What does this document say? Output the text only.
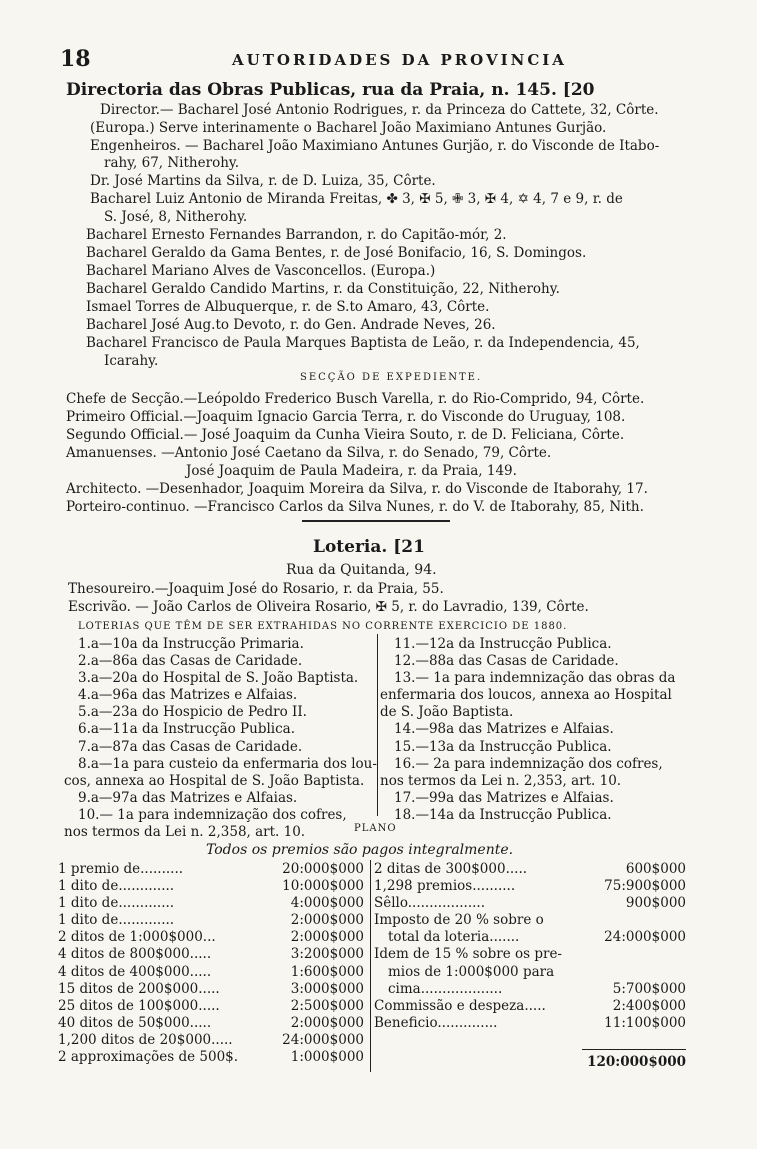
18	AUTORIDADES DA PROVINCIA
Directoria das Obras Publicas, rua da Praia, n. 145. [20
Director.— Bacharel José Antonio Rodrigues, r. da Princeza do Cattete, 32, Côrte.
(Europa.) Serve interinamente o Bacharel João Maximiano Antunes Gurjão.
Engenheiros. — Bacharel João Maximiano Antunes Gurjão, r. do Visconde de Itabo-
rahy, 67, Nitherohy.
Dr. José Martins da Silva, r. de D. Luiza, 35, Côrte.
Bacharel Luiz Antonio de Miranda Freitas, ✤ 3, ✠ 5, ✙ 3, ✠ 4, ✡ 4, 7 e 9, r. de
S. José, 8, Nitherohy.
Bacharel Ernesto Fernandes Barrandon, r. do Capitão-mór, 2.
Bacharel Geraldo da Gama Bentes, r. de José Bonifacio, 16, S. Domingos.
Bacharel Mariano Alves de Vasconcellos. (Europa.)
Bacharel Geraldo Candido Martins, r. da Constituição, 22, Nitherohy.
Ismael Torres de Albuquerque, r. de S.to Amaro, 43, Côrte.
Bacharel José Aug.to Devoto, r. do Gen. Andrade Neves, 26.
Bacharel Francisco de Paula Marques Baptista de Leão, r. da Independencia, 45,
Icarahy.
SECÇÃO DE EXPEDIENTE.
Chefe de Secção.—Leópoldo Frederico Busch Varella, r. do Rio-Comprido, 94, Côrte.
Primeiro Official.—Joaquim Ignacio Garcia Terra, r. do Visconde do Uruguay, 108.
Segundo Official.— José Joaquim da Cunha Vieira Souto, r. de D. Feliciana, Côrte.
Amanuenses. —Antonio José Caetano da Silva, r. do Senado, 79, Côrte.
José Joaquim de Paula Madeira, r. da Praia, 149.
Architecto. —Desenhador, Joaquim Moreira da Silva, r. do Visconde de Itaborahy, 17.
Porteiro-continuo. —Francisco Carlos da Silva Nunes, r. do V. de Itaborahy, 85, Nith.
Loteria. [21
Rua da Quitanda, 94.
Thesoureiro.—Joaquim José do Rosario, r. da Praia, 55.
Escrivão. — João Carlos de Oliveira Rosario, ✠ 5, r. do Lavradio, 139, Côrte.
LOTERIAS QUE TÊM DE SER EXTRAHIDAS NO CORRENTE EXERCICIO DE 1880.
1.a—10a da Instrucção Primaria.
2.a—86a das Casas de Caridade.
3.a—20a do Hospital de S. João Baptista.
4.a—96a das Matrizes e Alfaias.
5.a—23a do Hospicio de Pedro II.
6.a—11a da Instrucção Publica.
7.a—87a das Casas de Caridade.
8.a—1a para custeio da enfermaria dos lou-
cos, annexa ao Hospital de S. João Baptista.
9.a—97a das Matrizes e Alfaias.
10.— 1a para indemnização dos cofres,
nos termos da Lei n. 2,358, art. 10.
11.—12a da Instrucção Publica.
12.—88a das Casas de Caridade.
13.— 1a para indemnização das obras da
enfermaria dos loucos, annexa ao Hospital
de S. João Baptista.
14.—98a das Matrizes e Alfaias.
15.—13a da Instrucção Publica.
16.— 2a para indemnização dos cofres,
nos termos da Lei n. 2,353, art. 10.
17.—99a das Matrizes e Alfaias.
18.—14a da Instrucção Publica.
PLANO
Todos os premios são pagos integralmente.
1 premio de..........	20:000$000
1 dito de.............	10:000$000
1 dito de.............	4:000$000
1 dito de.............	2:000$000
2 ditos de 1:000$000...	2:000$000
4 ditos de 800$000.....	3:200$000
4 ditos de 400$000.....	1:600$000
15 ditos de 200$000.....	3:000$000
25 ditos de 100$000.....	2:500$000
40 ditos de 50$000.....	2:000$000
1,200 ditos de 20$000.....	24:000$000
2 approximações de 500$.	1:000$000
2 ditas de 300$000.....	600$000
1,298 premios..........	75:900$000
Sêllo..................	900$000
Imposto de 20 % sobre o
total da loteria.......	24:000$000
Idem de 15 % sobre os pre-
mios de 1:000$000 para
cima...................	5:700$000
Commissão e despeza.....	2:400$000
Beneficio..............	11:100$000
120:000$000
